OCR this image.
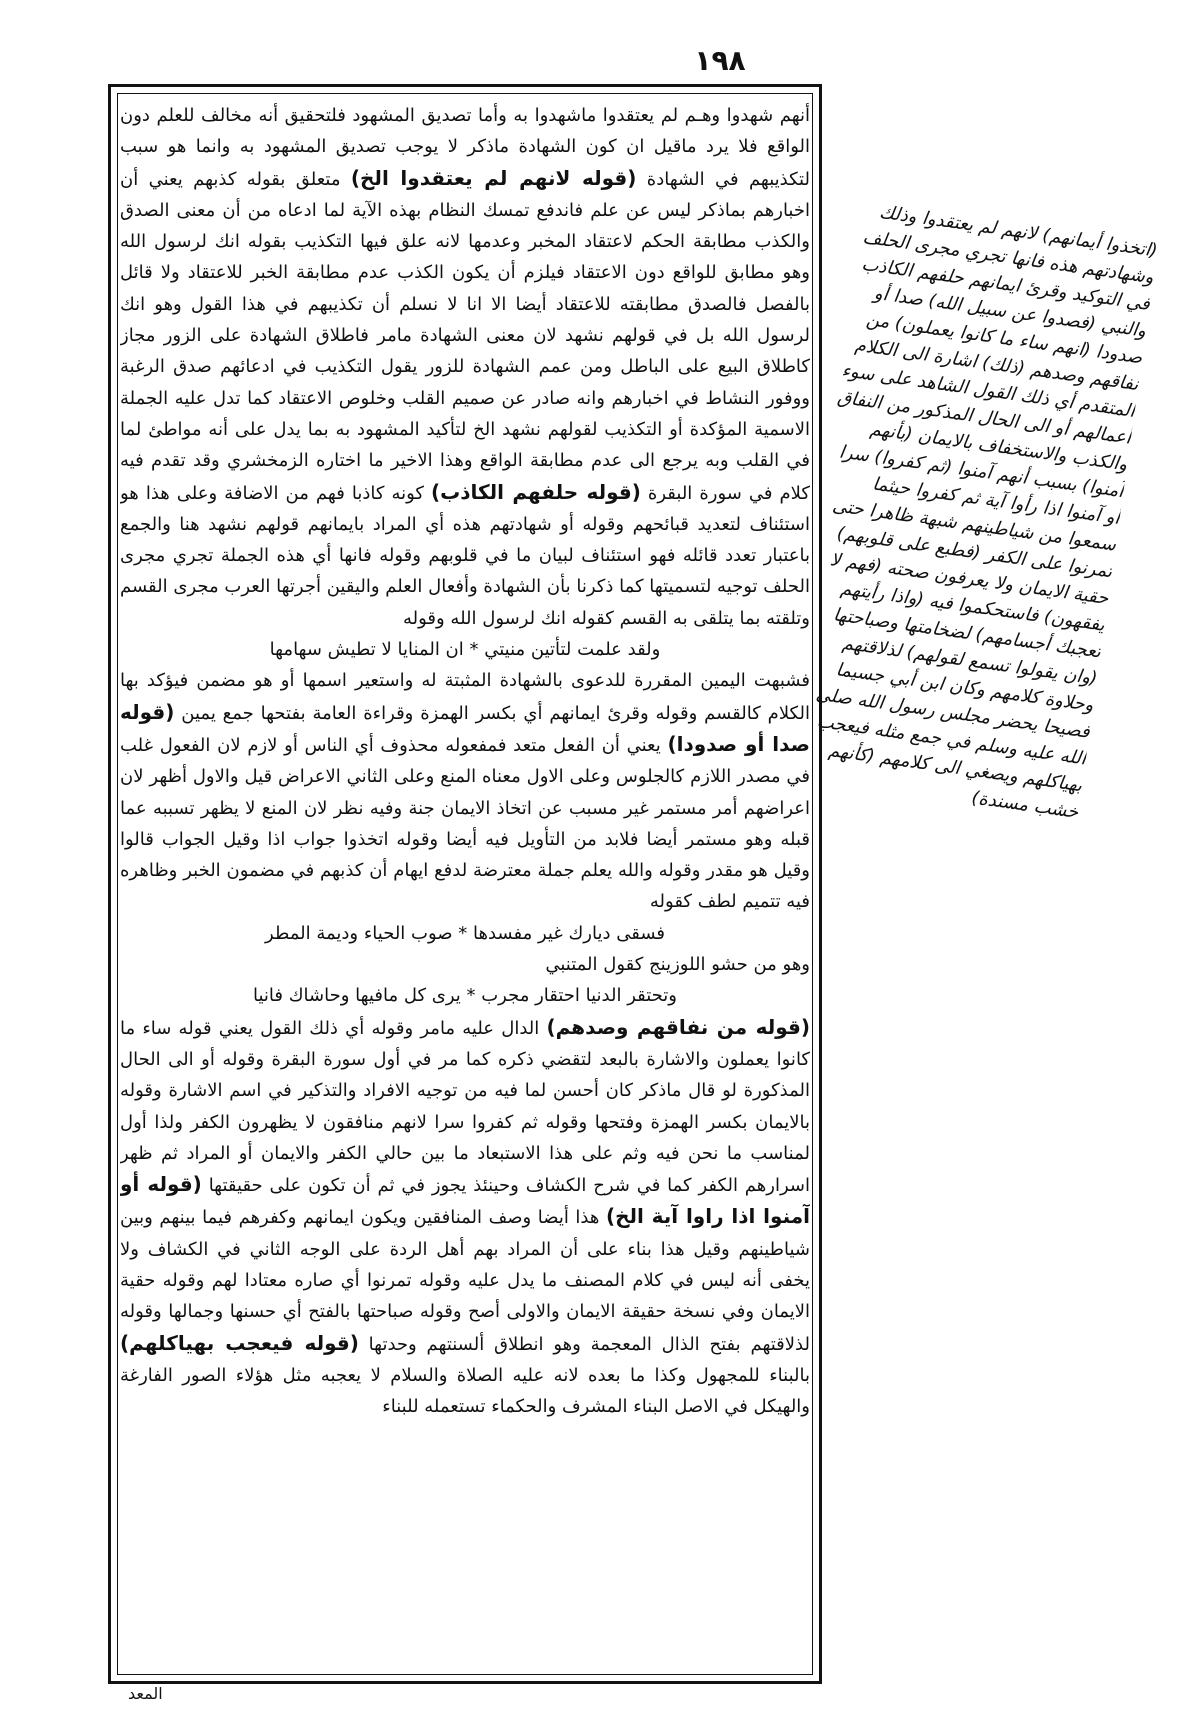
١٩٨

أنهم شهدوا وهـم لم يعتقدوا ماشهدوا به وأما تصديق المشهود فلتحقيق أنه مخالف للعلم دون الواقع فلا يرد ماقيل ان كون الشهادة ماذكر لا يوجب تصديق المشهود به وانما هو سبب لتكذيبهم في الشهادة (قوله لانهم لم يعتقدوا الخ) متعلق بقوله كذبهم يعني أن اخبارهم بماذكر ليس عن علم فاندفع تمسك النظام بهذه الآية لما ادعاه من أن معنى الصدق والكذب مطابقة الحكم لاعتقاد المخبر وعدمها لانه علق فيها التكذيب بقوله انك لرسول الله وهو مطابق للواقع دون الاعتقاد فيلزم أن يكون الكذب عدم مطابقة الخبر للاعتقاد ولا قائل بالفصل فالصدق مطابقته للاعتقاد أيضا الا انا لا نسلم أن تكذيبهم في هذا القول وهو انك لرسول الله بل في قولهم نشهد لان معنى الشهادة مامر فاطلاق الشهادة على الزور مجاز كاطلاق البيع على الباطل ومن عمم الشهادة للزور يقول التكذيب في ادعائهم صدق الرغبة ووفور النشاط في اخبارهم وانه صادر عن صميم القلب وخلوص الاعتقاد كما تدل عليه الجملة الاسمية المؤكدة أو التكذيب لقولهم نشهد الخ لتأكيد المشهود به بما يدل على أنه مواطئ لما في القلب وبه يرجع الى عدم مطابقة الواقع وهذا الاخير ما اختاره الزمخشري وقد تقدم فيه كلام في سورة البقرة (قوله حلفهم الكاذب) كونه كاذبا فهم من الاضافة وعلى هذا هو استئناف لتعديد قبائحهم وقوله أو شهادتهم هذه أي المراد بايمانهم قولهم نشهد هنا والجمع باعتبار تعدد قائله فهو استئناف لبيان ما في قلوبهم وقوله فانها أي هذه الجملة تجري مجرى الحلف توجيه لتسميتها كما ذكرنا بأن الشهادة وأفعال العلم واليقين أجرتها العرب مجرى القسم وتلقته بما يتلقى به القسم كقوله انك لرسول الله وقوله

ولقد علمت لتأتين منيتي * ان المنايا لا تطيش سهامها

فشبهت اليمين المقررة للدعوى بالشهادة المثبتة له واستعير اسمها أو هو مضمن فيؤكد بها الكلام كالقسم وقوله وقرئ ايمانهم أي بكسر الهمزة وقراءة العامة بفتحها جمع يمين (قوله صدا أو صدودا) يعني أن الفعل متعد فمفعوله محذوف أي الناس أو لازم لان الفعول غلب في مصدر اللازم كالجلوس وعلى الاول معناه المنع وعلى الثاني الاعراض قيل والاول أظهر لان اعراضهم أمر مستمر غير مسبب عن اتخاذ الايمان جنة وفيه نظر لان المنع لا يظهر تسببه عما قبله وهو مستمر أيضا فلابد من التأويل فيه أيضا وقوله اتخذوا جواب اذا وقيل الجواب قالوا وقيل هو مقدر وقوله والله يعلم جملة معترضة لدفع ايهام أن كذبهم في مضمون الخبر وظاهره فيه تتميم لطف كقوله

فسقى ديارك غير مفسدها * صوب الحياء وديمة المطر

وهو من حشو اللوزينج كقول المتنبي

وتحتقر الدنيا احتقار مجرب * يرى كل مافيها وحاشاك فانيا

(قوله من نفاقهم وصدهم) الدال عليه مامر وقوله أي ذلك القول يعني قوله ساء ما كانوا يعملون والاشارة بالبعد لتقضي ذكره كما مر في أول سورة البقرة وقوله أو الى الحال المذكورة لو قال ماذكر كان أحسن لما فيه من توجيه الافراد والتذكير في اسم الاشارة وقوله بالايمان بكسر الهمزة وفتحها وقوله ثم كفروا سرا لانهم منافقون لا يظهرون الكفر ولذا أول لمناسب ما نحن فيه وثم على هذا الاستبعاد ما بين حالي الكفر والايمان أو المراد ثم ظهر اسرارهم الكفر كما في شرح الكشاف وحينئذ يجوز في ثم أن تكون على حقيقتها (قوله أو آمنوا اذا راوا آية الخ) هذا أيضا وصف المنافقين ويكون ايمانهم وكفرهم فيما بينهم وبين شياطينهم وقيل هذا بناء على أن المراد بهم أهل الردة على الوجه الثاني في الكشاف ولا يخفى أنه ليس في كلام المصنف ما يدل عليه وقوله تمرنوا أي صاره معتادا لهم وقوله حقية الايمان وفي نسخة حقيقة الايمان والاولى أصح وقوله صباحتها بالفتح أي حسنها وجمالها وقوله لذلاقتهم بفتح الذال المعجمة وهو انطلاق ألسنتهم وحدتها (قوله فيعجب بهياكلهم) بالبناء للمجهول وكذا ما بعده لانه عليه الصلاة والسلام لا يعجبه مثل هؤلاء الصور الفارغة والهيكل في الاصل البناء المشرف والحكماء تستعمله للبناء

(اتخذوا أيمانهم) لانهم لم يعتقدوا وذلك وشهادتهم هذه فانها تجري مجرى الحلف في التوكيد وقرئ ايمانهم حلفهم الكاذب والنبي (فصدوا عن سبيل الله) صدا أو صدودا (انهم ساء ما كانوا يعملون) من نفاقهم وصدهم (ذلك) اشارة الى الكلام المتقدم أي ذلك القول الشاهد على سوء أعمالهم أو الى الحال المذكور من النفاق والكذب والاستخفاف بالايمان (بأنهم آمنوا) بسبب أنهم آمنوا (ثم كفروا) سرا أو آمنوا اذا رأوا آية ثم كفروا حيثما سمعوا من شياطينهم شبهة ظاهرا حتى تمرنوا على الكفر (فطبع على قلوبهم) حقية الايمان ولا يعرفون صحته (فهم لا يفقهون) فاستحكموا فيه (واذا رأيتهم تعجبك أجسامهم) لضخامتها وصباحتها (وان يقولوا تسمع لقولهم) لذلاقتهم وحلاوة كلامهم وكان ابن أبي جسيما فصيحا يحضر مجلس رسول الله صلى الله عليه وسلم في جمع مثله فيعجب بهياكلهم ويصغي الى كلامهم (كأنهم خشب مسندة)
المعد
